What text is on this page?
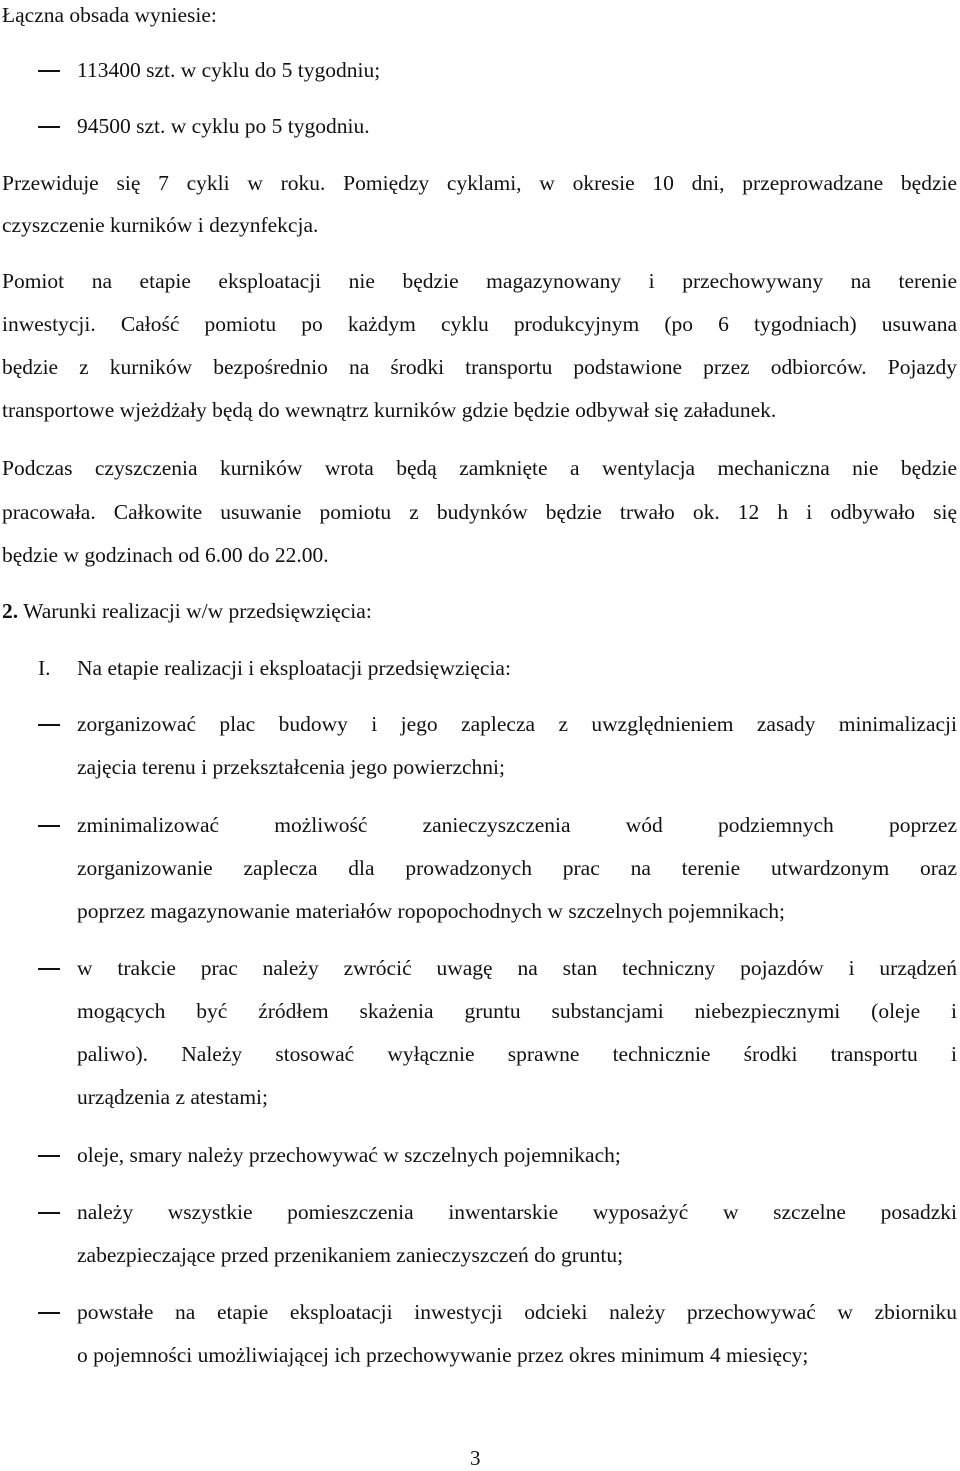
Łączna obsada wyniesie:
113400 szt. w cyklu do 5 tygodniu;
94500 szt. w cyklu po 5 tygodniu.
Przewiduje się 7 cykli w roku. Pomiędzy cyklami, w okresie 10 dni, przeprowadzane będzie
czyszczenie kurników i dezynfekcja.
Pomiot na etapie eksploatacji nie będzie magazynowany i przechowywany na terenie
inwestycji. Całość pomiotu po każdym cyklu produkcyjnym (po 6 tygodniach) usuwana
będzie z kurników bezpośrednio na środki transportu podstawione przez odbiorców. Pojazdy
transportowe wjeżdżały będą do wewnątrz kurników gdzie będzie odbywał się załadunek.
Podczas czyszczenia kurników wrota będą zamknięte a wentylacja mechaniczna nie będzie
pracowała. Całkowite usuwanie pomiotu z budynków będzie trwało ok. 12 h i odbywało się
będzie w godzinach od 6.00 do 22.00.
2. Warunki realizacji w/w przedsięwzięcia:
I. Na etapie realizacji i eksploatacji przedsięwzięcia:
zorganizować plac budowy i jego zaplecza z uwzględnieniem zasady minimalizacji
zajęcia terenu i przekształcenia jego powierzchni;
zminimalizować możliwość zanieczyszczenia wód podziemnych poprzez
zorganizowanie zaplecza dla prowadzonych prac na terenie utwardzonym oraz
poprzez magazynowanie materiałów ropopochodnych w szczelnych pojemnikach;
w trakcie prac należy zwrócić uwagę na stan techniczny pojazdów i urządzeń
mogących być źródłem skażenia gruntu substancjami niebezpiecznymi (oleje i
paliwo). Należy stosować wyłącznie sprawne technicznie środki transportu i
urządzenia z atestami;
oleje, smary należy przechowywać w szczelnych pojemnikach;
należy wszystkie pomieszczenia inwentarskie wyposażyć w szczelne posadzki
zabezpieczające przed przenikaniem zanieczyszczeń do gruntu;
powstałe na etapie eksploatacji inwestycji odcieki należy przechowywać w zbiorniku
o pojemności umożliwiającej ich przechowywanie przez okres minimum 4 miesięcy;
3
